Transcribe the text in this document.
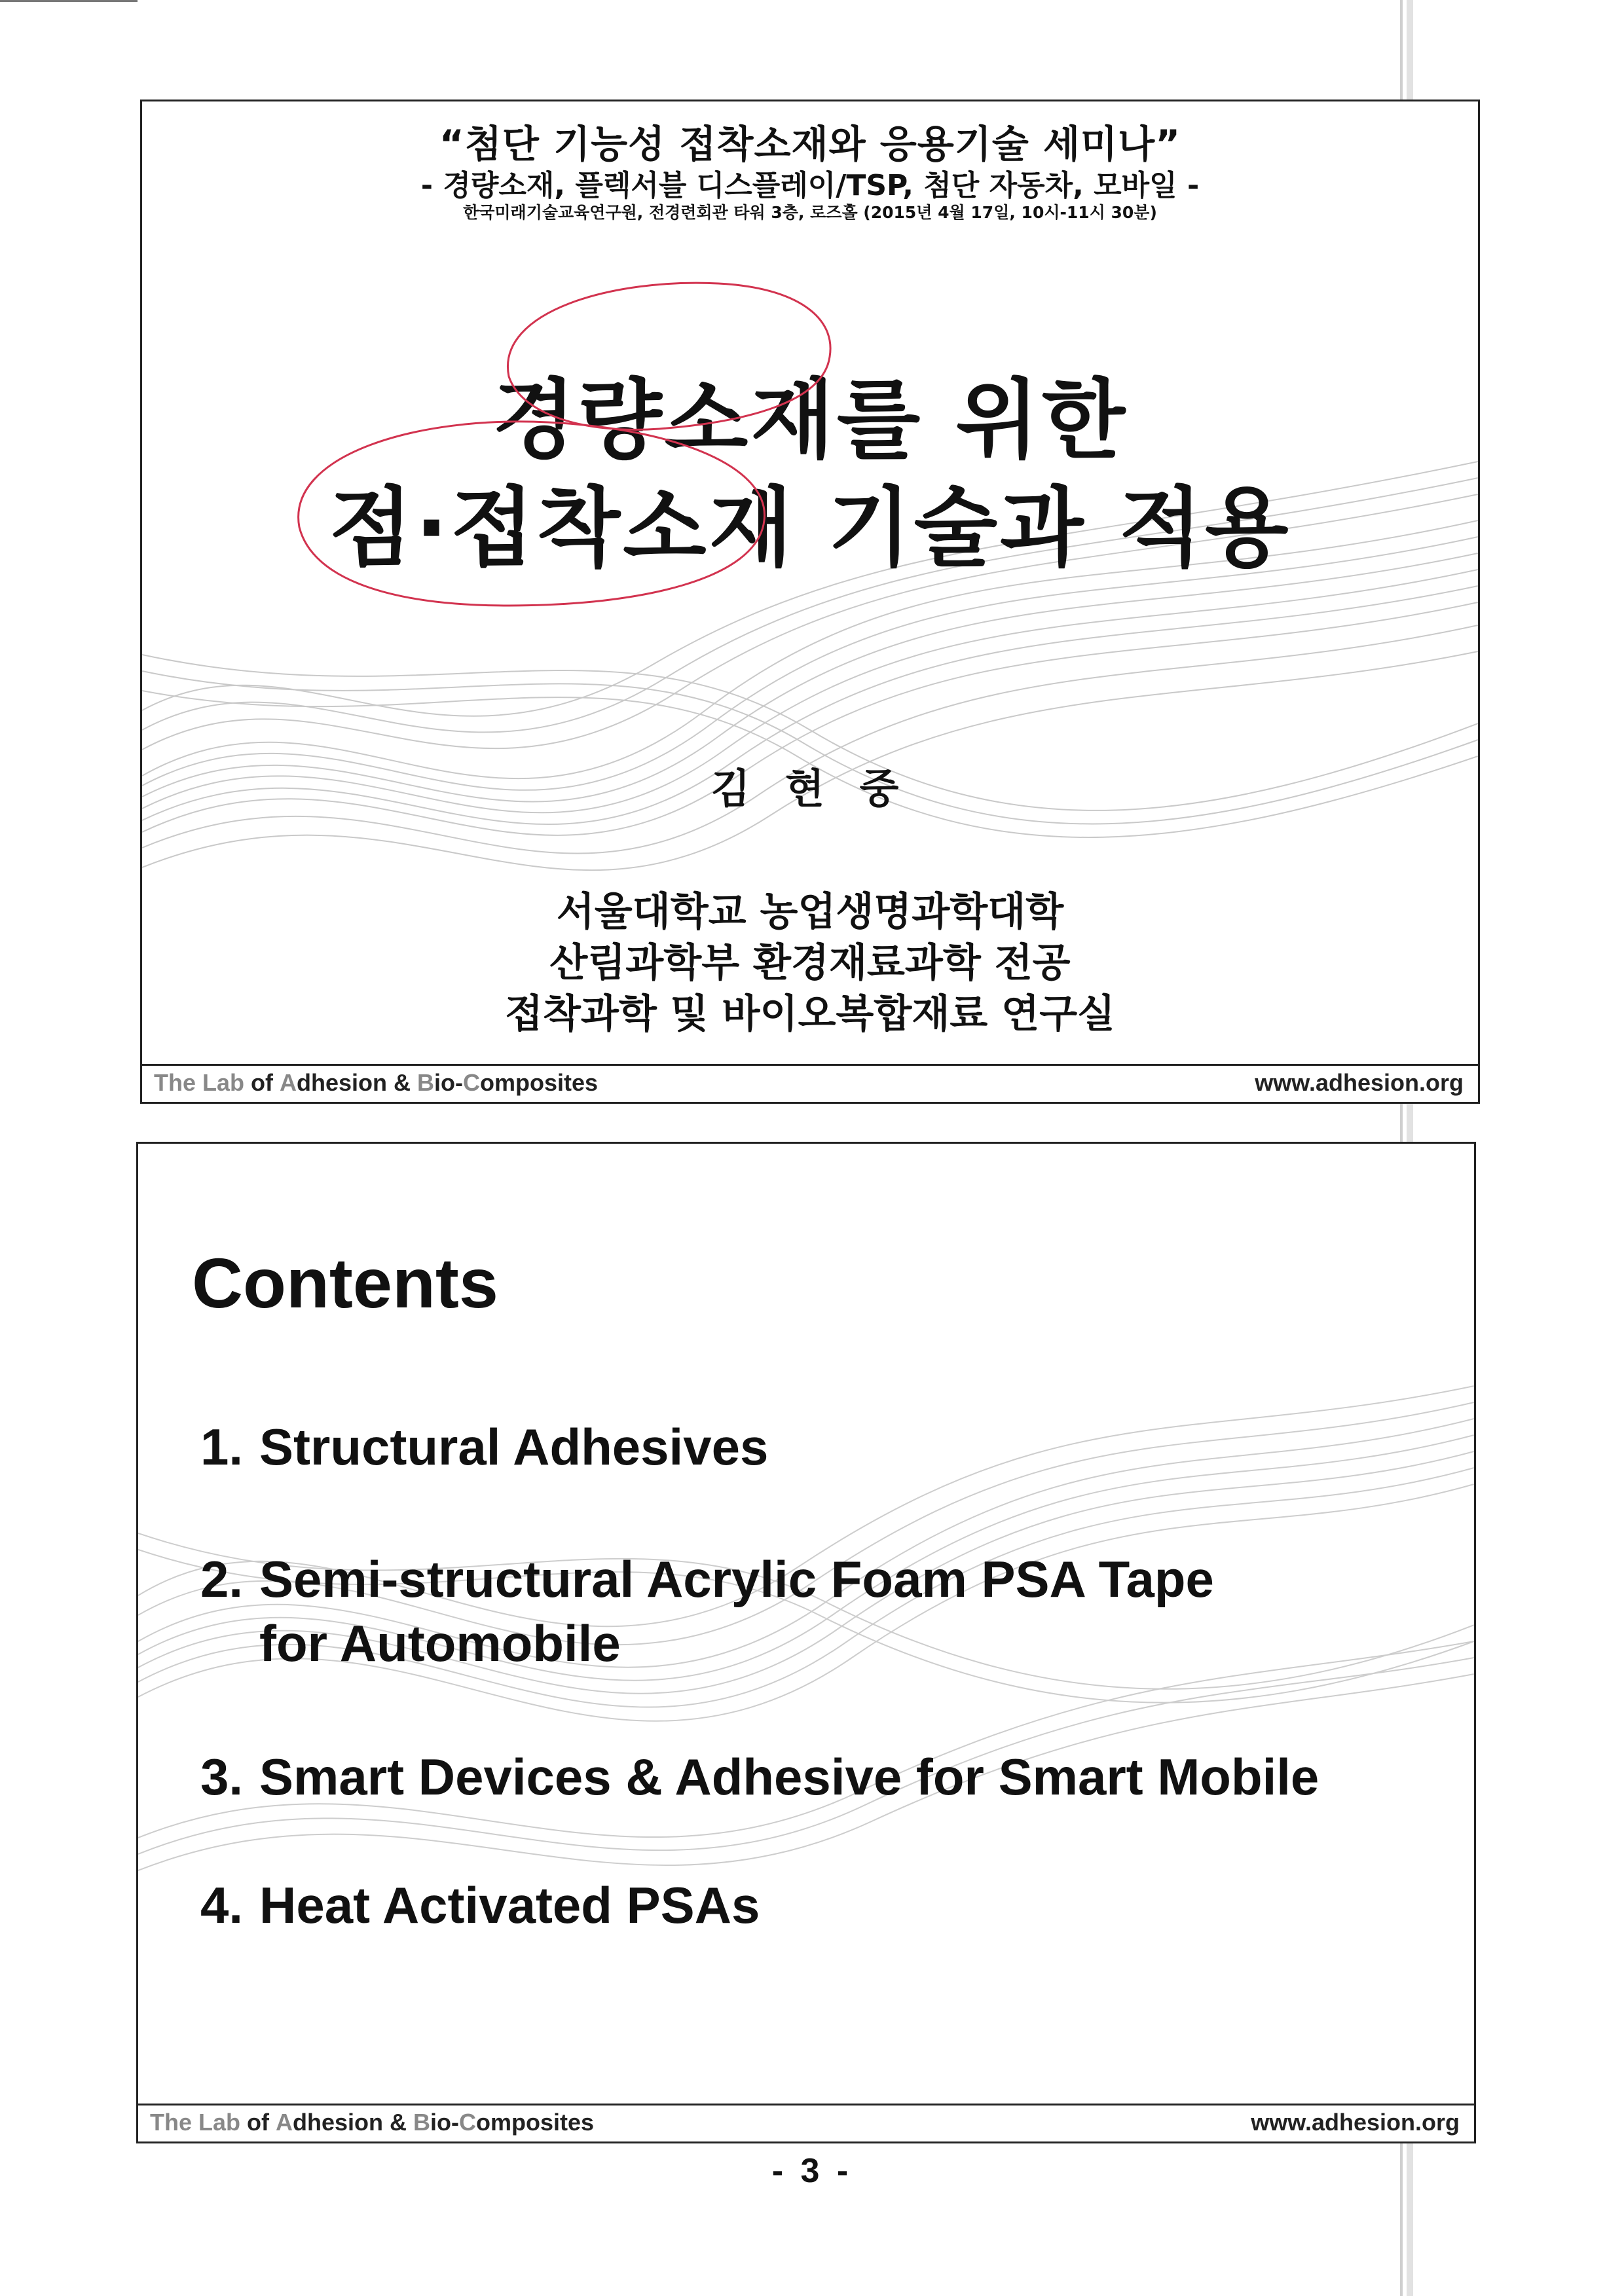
“첨단 기능성 접착소재와 응용기술 세미나”
- 경량소재, 플렉서블 디스플레이/TSP, 첨단 자동차, 모바일 -
한국미래기술교육연구원, 전경련회관 타워 3층, 로즈홀 (2015년 4월 17일, 10시-11시 30분)
경량소재를 위한
점·접착소재 기술과 적용
김 현 중
서울대학교 농업생명과학대학
산림과학부 환경재료과학 전공
접착과학 및 바이오복합재료 연구실
The Lab of Adhesion & Bio-Composites	www.adhesion.org
Contents
1. Structural Adhesives
2. Semi-structural Acrylic Foam PSA Tape
for Automobile
3. Smart Devices & Adhesive for Smart Mobile
4. Heat Activated PSAs
The Lab of Adhesion & Bio-Composites	www.adhesion.org
- 3 -
